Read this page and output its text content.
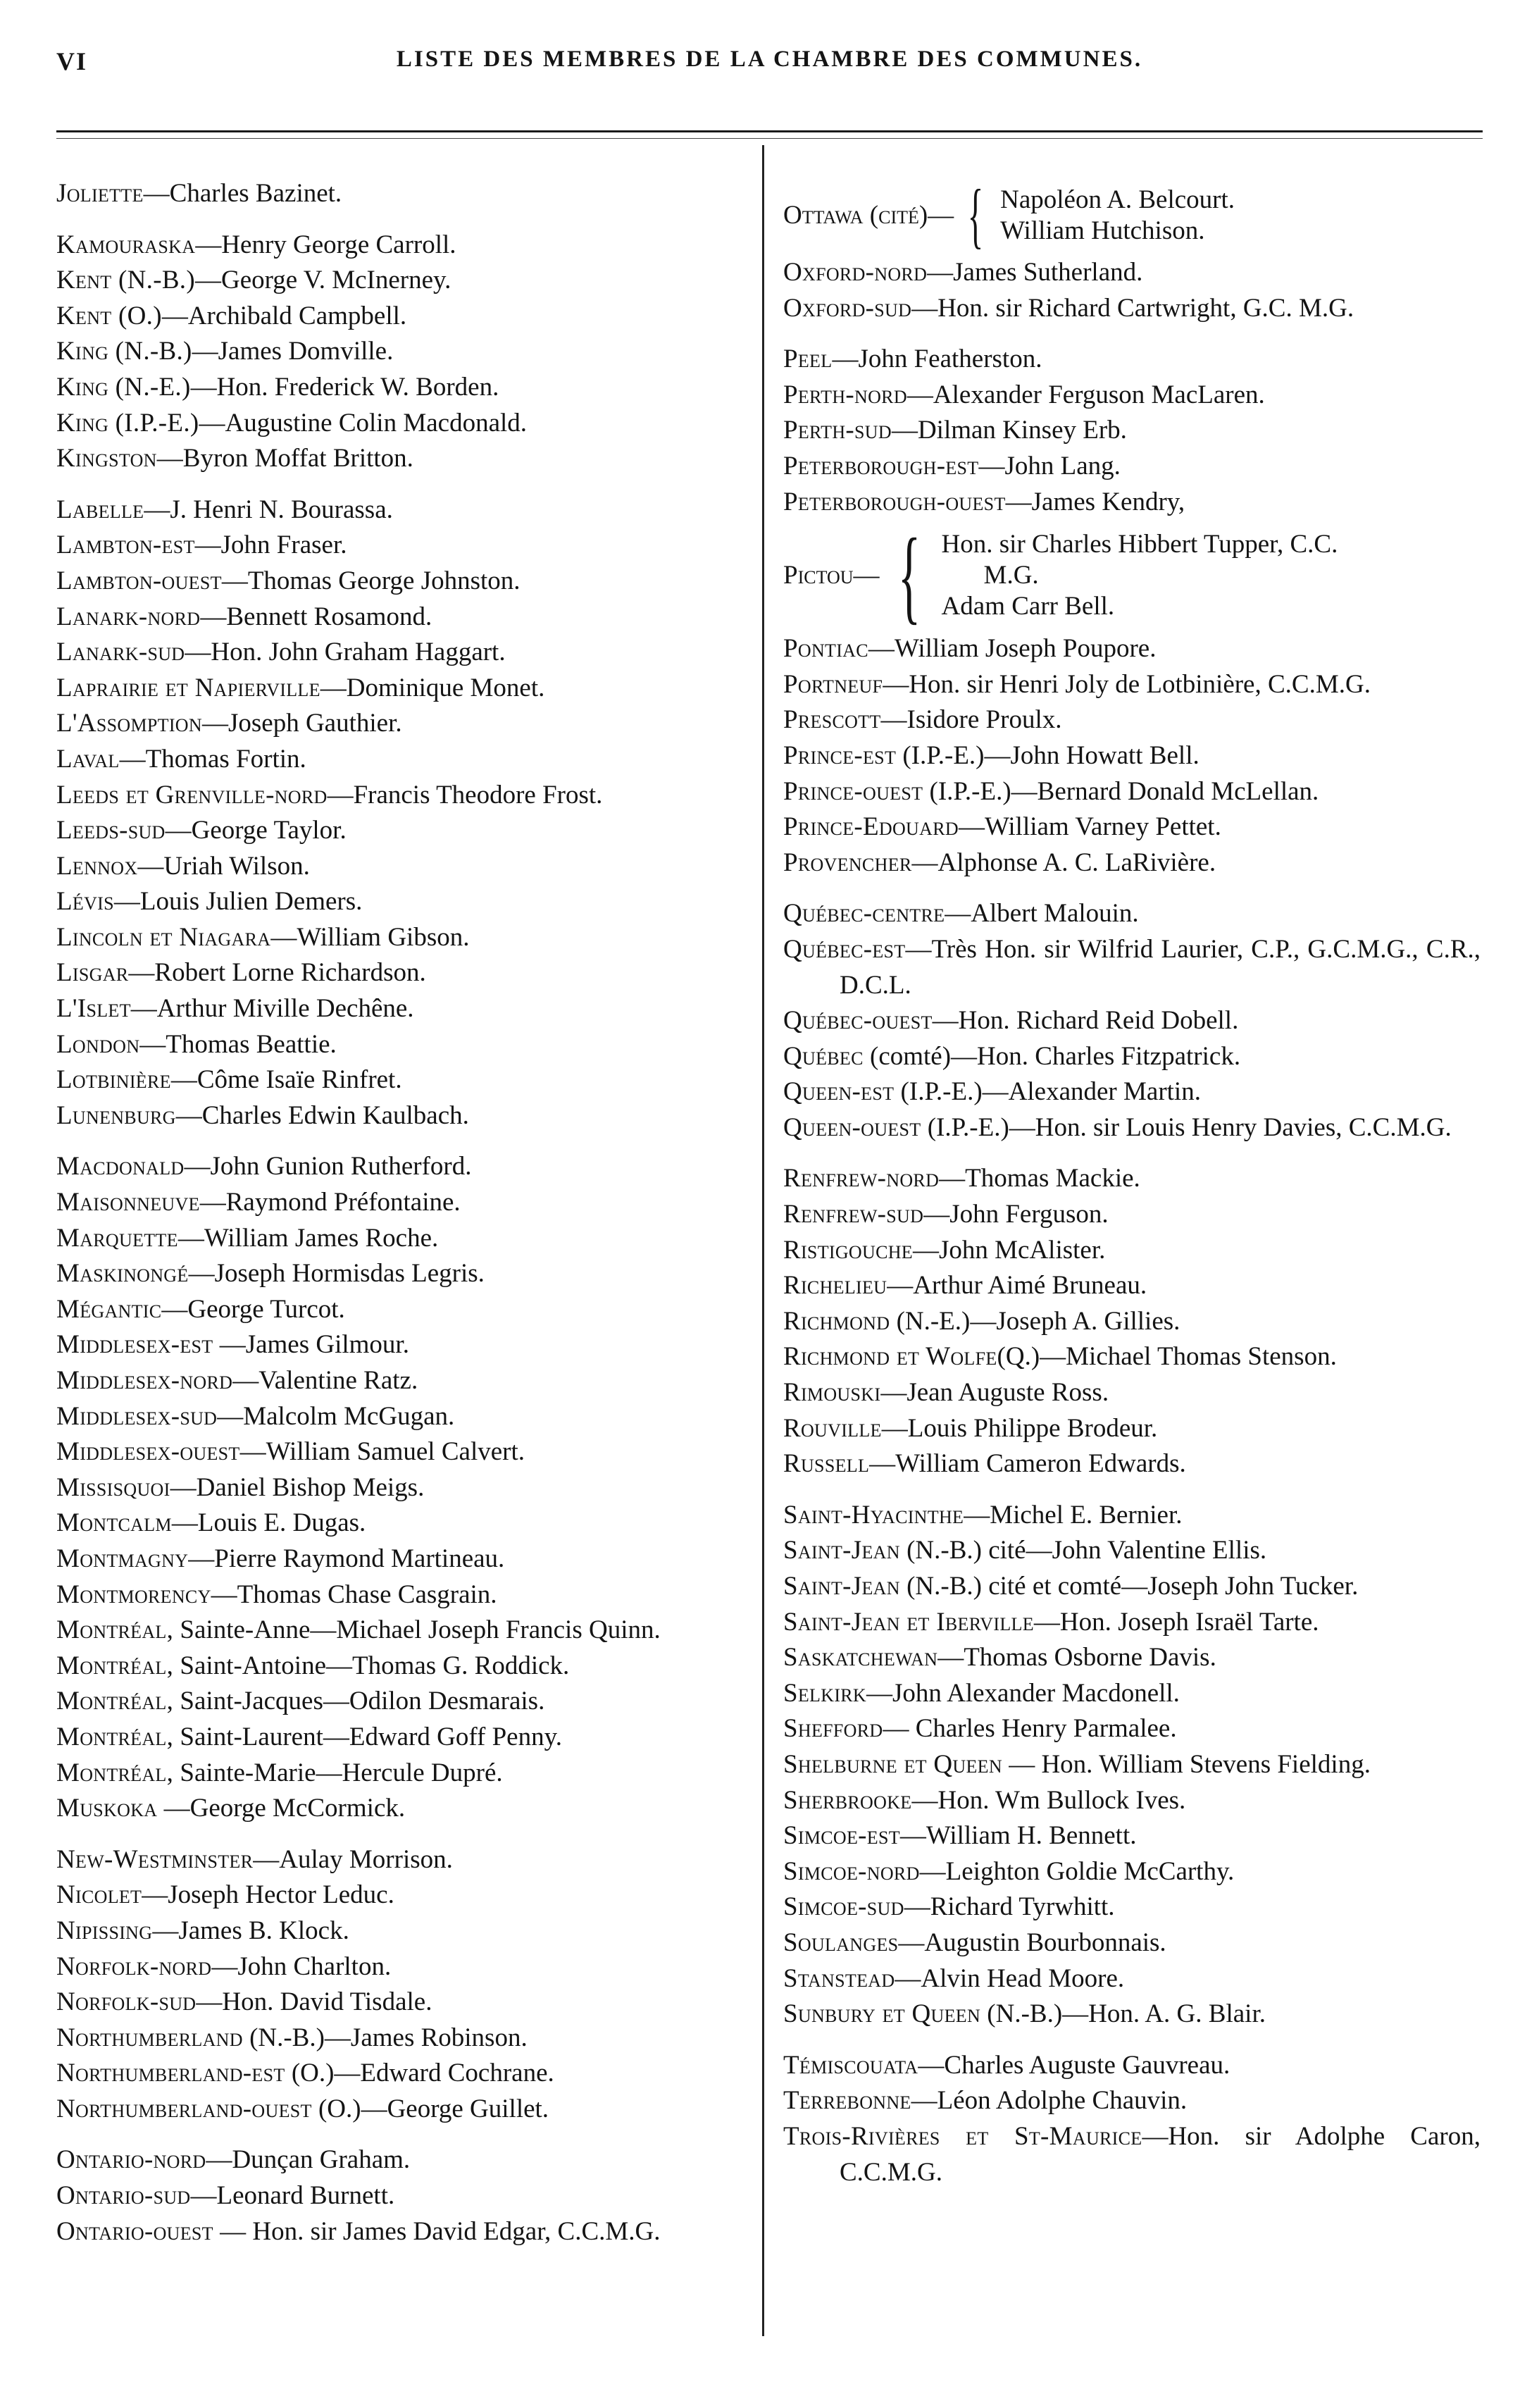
VI	LISTE DES MEMBRES DE LA CHAMBRE DES COMMUNES.

Joliette—Charles Bazinet.

Kamouraska—Henry George Carroll.

Kent (N.-B.)—George V. McInerney.

Kent (O.)—Archibald Campbell.

King (N.-B.)—James Domville.

King (N.-E.)—Hon. Frederick W. Borden.

King (I.P.-E.)—Augustine Colin Macdonald.

Kingston—Byron Moffat Britton.

Labelle—J. Henri N. Bourassa.

Lambton-est—John Fraser.

Lambton-ouest—Thomas George Johnston.

Lanark-nord—Bennett Rosamond.

Lanark-sud—Hon. John Graham Haggart.

Laprairie et Napierville—Dominique Monet.

L'Assomption—Joseph Gauthier.

Laval—Thomas Fortin.

Leeds et Grenville-nord—Francis Theodore Frost.

Leeds-sud—George Taylor.

Lennox—Uriah Wilson.

Lévis—Louis Julien Demers.

Lincoln et Niagara—William Gibson.

Lisgar—Robert Lorne Richardson.

L'Islet—Arthur Miville Dechêne.

London—Thomas Beattie.

Lotbinière—Côme Isaïe Rinfret.

Lunenburg—Charles Edwin Kaulbach.

Macdonald—John Gunion Rutherford.

Maisonneuve—Raymond Préfontaine.

Marquette—William James Roche.

Maskinongé—Joseph Hormisdas Legris.

Mégantic—George Turcot.

Middlesex-est —James Gilmour.

Middlesex-nord—Valentine Ratz.

Middlesex-sud—Malcolm McGugan.

Middlesex-ouest—William Samuel Calvert.

Missisquoi—Daniel Bishop Meigs.

Montcalm—Louis E. Dugas.

Montmagny—Pierre Raymond Martineau.

Montmorency—Thomas Chase Casgrain.

Montréal, Sainte-Anne—Michael Joseph Francis Quinn.

Montréal, Saint-Antoine—Thomas G. Roddick.

Montréal, Saint-Jacques—Odilon Desmarais.

Montréal, Saint-Laurent—Edward Goff Penny.

Montréal, Sainte-Marie—Hercule Dupré.

Muskoka —George McCormick.

New-Westminster—Aulay Morrison.

Nicolet—Joseph Hector Leduc.

Nipissing—James B. Klock.

Norfolk-nord—John Charlton.

Norfolk-sud—Hon. David Tisdale.

Northumberland (N.-B.)—James Robinson.

Northumberland-est (O.)—Edward Cochrane.

Northumberland-ouest (O.)—George Guillet.

Ontario-nord—Dunçan Graham.

Ontario-sud—Leonard Burnett.

Ontario-ouest — Hon. sir James David Edgar, C.C.M.G.

Ottawa (cité)— { Napoléon A. Belcourt.
William Hutchison.

Oxford-nord—James Sutherland.

Oxford-sud—Hon. sir Richard Cartwright, G.C. M.G.

Peel—John Featherston.

Perth-nord—Alexander Ferguson MacLaren.

Perth-sud—Dilman Kinsey Erb.

Peterborough-est—John Lang.

Peterborough-ouest—James Kendry,

Pictou— { Hon. sir Charles Hibbert Tupper, C.C.
M.G.
Adam Carr Bell.

Pontiac—William Joseph Poupore.

Portneuf—Hon. sir Henri Joly de Lotbinière, C.C.M.G.

Prescott—Isidore Proulx.

Prince-est (I.P.-E.)—John Howatt Bell.

Prince-ouest (I.P.-E.)—Bernard Donald McLellan.

Prince-Edouard—William Varney Pettet.

Provencher—Alphonse A. C. LaRivière.

Québec-centre—Albert Malouin.

Québec-est—Très Hon. sir Wilfrid Laurier, C.P., G.C.M.G., C.R., D.C.L.

Québec-ouest—Hon. Richard Reid Dobell.

Québec (comté)—Hon. Charles Fitzpatrick.

Queen-est (I.P.-E.)—Alexander Martin.

Queen-ouest (I.P.-E.)—Hon. sir Louis Henry Davies, C.C.M.G.

Renfrew-nord—Thomas Mackie.

Renfrew-sud—John Ferguson.

Ristigouche—John McAlister.

Richelieu—Arthur Aimé Bruneau.

Richmond (N.-E.)—Joseph A. Gillies.

Richmond et Wolfe(Q.)—Michael Thomas Stenson.

Rimouski—Jean Auguste Ross.

Rouville—Louis Philippe Brodeur.

Russell—William Cameron Edwards.

Saint-Hyacinthe—Michel E. Bernier.

Saint-Jean (N.-B.) cité—John Valentine Ellis.

Saint-Jean (N.-B.) cité et comté—Joseph John Tucker.

Saint-Jean et Iberville—Hon. Joseph Israël Tarte.

Saskatchewan—Thomas Osborne Davis.

Selkirk—John Alexander Macdonell.

Shefford— Charles Henry Parmalee.

Shelburne et Queen — Hon. William Stevens Fielding.

Sherbrooke—Hon. Wm Bullock Ives.

Simcoe-est—William H. Bennett.

Simcoe-nord—Leighton Goldie McCarthy.

Simcoe-sud—Richard Tyrwhitt.

Soulanges—Augustin Bourbonnais.

Stanstead—Alvin Head Moore.

Sunbury et Queen (N.-B.)—Hon. A. G. Blair.

Témiscouata—Charles Auguste Gauvreau.

Terrebonne—Léon Adolphe Chauvin.

Trois-Rivières et St-Maurice—Hon. sir Adolphe Caron, C.C.M.G.
